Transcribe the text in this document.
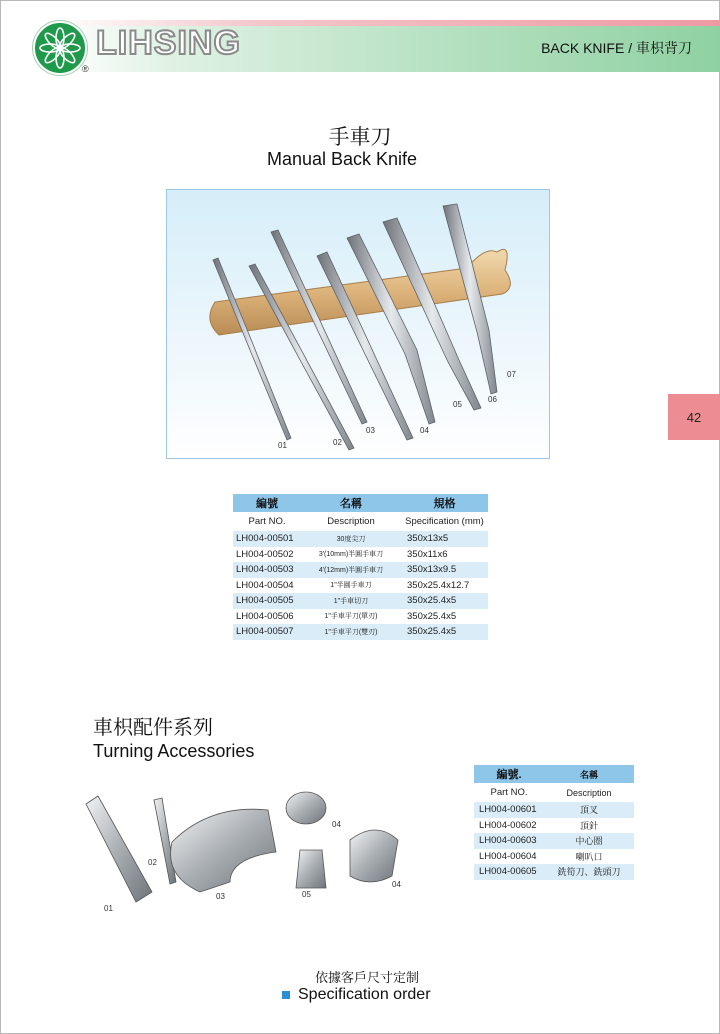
LIHSING
®
BACK KNIFE / 車枳背刀
手車刀
Manual Back Knife
01	02
03	04
05
06
07
編號	名稱	規格
Part NO.	Description	Specification (mm)
LH004-00501	30度尖刀	350x13x5
LH004-00502	3'(10mm)半圓手車刀	350x11x6
LH004-00503	4'(12mm)半圓手車刀	350x13x9.5
LH004-00504	1"半圓手車刀	350x25.4x12.7
LH004-00505	1"手車切刀	350x25.4x5
LH004-00506	1"手車平刀(單刃)	350x25.4x5
LH004-00507	1"手車平刀(雙刃)	350x25.4x5
42
車枳配件系列
Turning Accessories
01
02
03
04
05
04
編號.	名稱
Part NO.	Description
LH004-00601	頂叉
LH004-00602	頂針
LH004-00603	中心圈
LH004-00604	喇叭口
LH004-00605	銑筍刀、銑頭刀
依據客戶尺寸定制
Specification order
